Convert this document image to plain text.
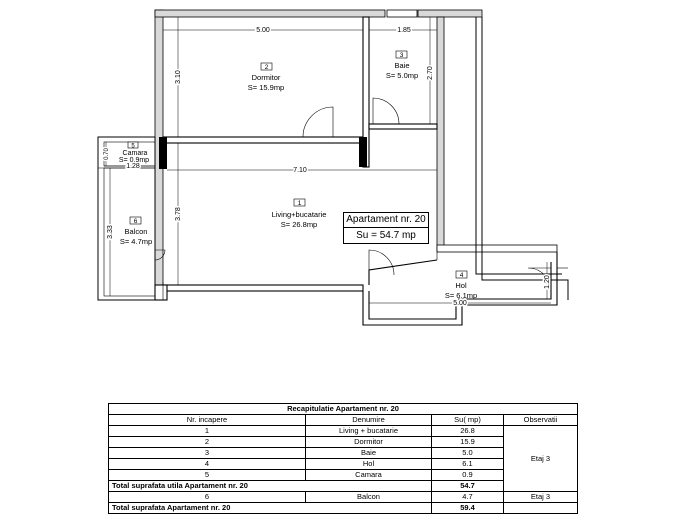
5.00	1.85
3.10	2.70
7.10
3.78
3.33
0.70
1.28
1.20
5.00
2
Dormitor
S= 15.9mp
3
Baie
S= 5.0mp
5
Camara
S= 0.9mp
1
Living+bucatarie
S= 26.8mp
6
Balcon
S= 4.7mp
4
Hol
S= 6.1mp
Apartament nr. 20
Su = 54.7 mp
Recapitulatie Apartament nr. 20			
Nr. incapere	Denumire	Su( mp)	Observatii
1	Living + bucatarie	26.8	Etaj 3
2	Dormitor	15.9	
3	Baie	5.0	
4	Hol	6.1	
5	Camara	0.9	
Total suprafata utila Apartament nr. 20		54.7	
6	Balcon	4.7	Etaj 3
Total suprafata Apartament nr. 20		59.4	
